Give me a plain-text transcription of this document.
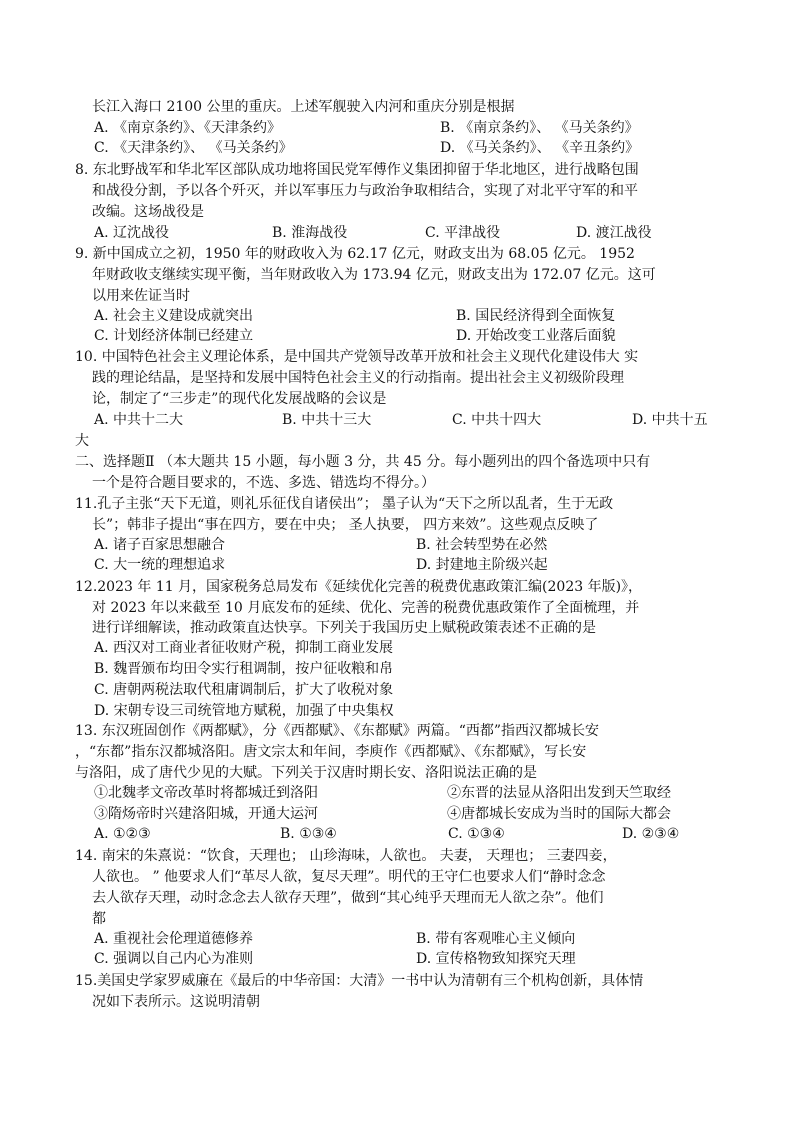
长江入海口 2100 公里的重庆。上述军舰驶入内河和重庆分别是根据
A. 《南京条约》、《天津条约》	B. 《南京条约》、 《马关条约》
C. 《天津条约》、 《马关条约》	D. 《马关条约》、 《辛丑条约》
8. 东北野战军和华北军区部队成功地将国民党军傅作义集团抑留于华北地区，进行战略包围
和战役分割，予以各个歼灭，并以军事压力与政治争取相结合，实现了对北平守军的和平
改编。这场战役是
A. 辽沈战役	B. 淮海战役	C. 平津战役	D. 渡江战役
9. 新中国成立之初，1950 年的财政收入为 62.17 亿元，财政支出为 68.05 亿元。 1952
年财政收支继续实现平衡，当年财政收入为 173.94 亿元，财政支出为 172.07 亿元。这可
以用来佐证当时
A. 社会主义建设成就突出	B. 国民经济得到全面恢复
C. 计划经济体制已经建立	D. 开始改变工业落后面貌
10. 中国特色社会主义理论体系，是中国共产党领导改革开放和社会主义现代化建设伟大 实
践的理论结晶，是坚持和发展中国特色社会主义的行动指南。提出社会主义初级阶段理
论，制定了“三步走”的现代化发展战略的会议是
A. 中共十二大	B. 中共十三大	C. 中共十四大	D. 中共十五
大
二、选择题Ⅱ （本大题共 15 小题，每小题 3 分，共 45 分。每小题列出的四个备选项中只有
一个是符合题目要求的，不选、多选、错选均不得分。）
11.孔子主张“天下无道，则礼乐征伐自诸侯出”； 墨子认为“天下之所以乱者，生于无政
长”；韩非子提出“事在四方，要在中央； 圣人执要， 四方来效”。这些观点反映了
A. 诸子百家思想融合	B. 社会转型势在必然
C. 大一统的理想追求	D. 封建地主阶级兴起
12.2023 年 11 月，国家税务总局发布《延续优化完善的税费优惠政策汇编(2023 年版)》，
对 2023 年以来截至 10 月底发布的延续、优化、完善的税费优惠政策作了全面梳理，并
进行详细解读，推动政策直达快享。下列关于我国历史上赋税政策表述不正确的是
A. 西汉对工商业者征收财产税，抑制工商业发展
B. 魏晋颁布均田令实行租调制，按户征收粮和帛
C. 唐朝两税法取代租庸调制后，扩大了收税对象
D. 宋朝专设三司统管地方赋税，加强了中央集权
13. 东汉班固创作《两都赋》，分《西都赋》、《东都赋》两篇。“西都”指西汉都城长安
，“东都”指东汉都城洛阳。唐文宗太和年间，李庾作《西都赋》、《东都赋》，写长安
与洛阳，成了唐代少见的大赋。下列关于汉唐时期长安、洛阳说法正确的是
①北魏孝文帝改革时将都城迁到洛阳	②东晋的法显从洛阳出发到天竺取经
③隋炀帝时兴建洛阳城，开通大运河	④唐都城长安成为当时的国际大都会
A. ①②③	B. ①③④	C. ①③④	D. ②③④
14. 南宋的朱熹说：“饮食，天理也； 山珍海味，人欲也。 夫妻， 天理也； 三妻四妾，
人欲也。 ” 他要求人们“革尽人欲，复尽天理”。明代的王守仁也要求人们“静时念念
去人欲存天理，动时念念去人欲存天理”，做到“其心纯乎天理而无人欲之杂”。他们
都
A. 重视社会伦理道德修养	B. 带有客观唯心主义倾向
C. 强调以自己内心为准则	D. 宣传格物致知探究天理
15.美国史学家罗威廉在《最后的中华帝国：大清》一书中认为清朝有三个机构创新，具体情
况如下表所示。这说明清朝
